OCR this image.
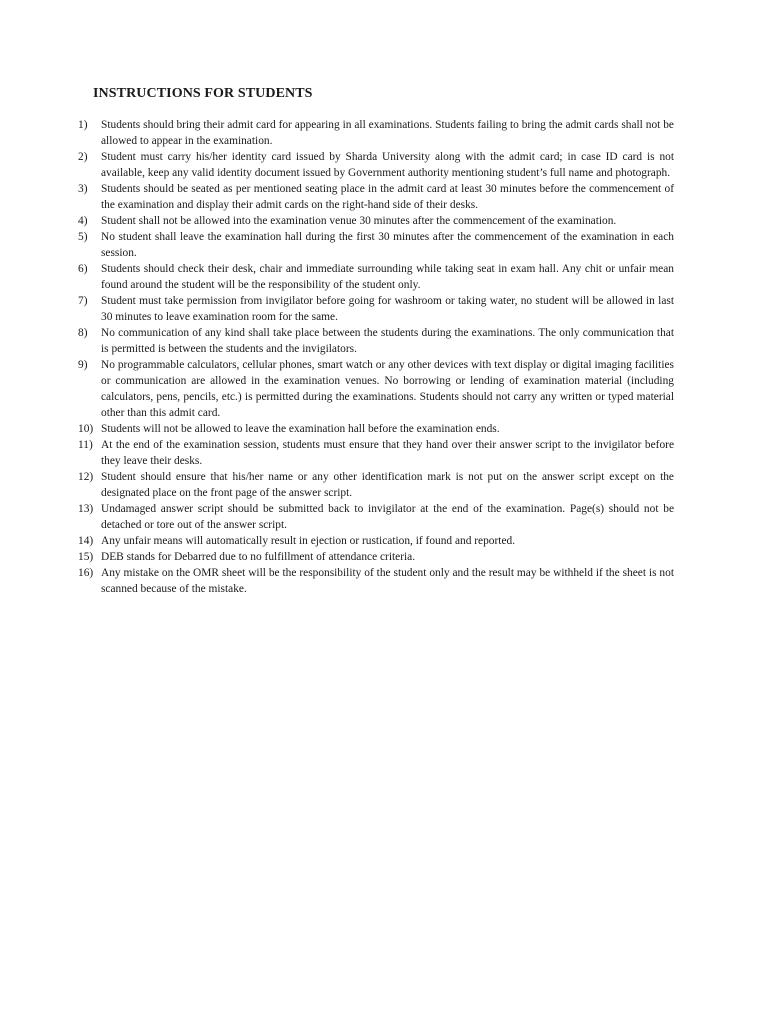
INSTRUCTIONS FOR STUDENTS
1) Students should bring their admit card for appearing in all examinations. Students failing to bring the admit cards shall not be allowed to appear in the examination.
2) Student must carry his/her identity card issued by Sharda University along with the admit card; in case ID card is not available, keep any valid identity document issued by Government authority mentioning student’s full name and photograph.
3) Students should be seated as per mentioned seating place in the admit card at least 30 minutes before the commencement of the examination and display their admit cards on the right-hand side of their desks.
4) Student shall not be allowed into the examination venue 30 minutes after the commencement of the examination.
5) No student shall leave the examination hall during the first 30 minutes after the commencement of the examination in each session.
6) Students should check their desk, chair and immediate surrounding while taking seat in exam hall. Any chit or unfair mean found around the student will be the responsibility of the student only.
7) Student must take permission from invigilator before going for washroom or taking water, no student will be allowed in last 30 minutes to leave examination room for the same.
8) No communication of any kind shall take place between the students during the examinations. The only communication that is permitted is between the students and the invigilators.
9) No programmable calculators, cellular phones, smart watch or any other devices with text display or digital imaging facilities or communication are allowed in the examination venues. No borrowing or lending of examination material (including calculators, pens, pencils, etc.) is permitted during the examinations. Students should not carry any written or typed material other than this admit card.
10) Students will not be allowed to leave the examination hall before the examination ends.
11) At the end of the examination session, students must ensure that they hand over their answer script to the invigilator before they leave their desks.
12) Student should ensure that his/her name or any other identification mark is not put on the answer script except on the designated place on the front page of the answer script.
13) Undamaged answer script should be submitted back to invigilator at the end of the examination. Page(s) should not be detached or tore out of the answer script.
14) Any unfair means will automatically result in ejection or rustication, if found and reported.
15) DEB stands for Debarred due to no fulfillment of attendance criteria.
16) Any mistake on the OMR sheet will be the responsibility of the student only and the result may be withheld if the sheet is not scanned because of the mistake.
